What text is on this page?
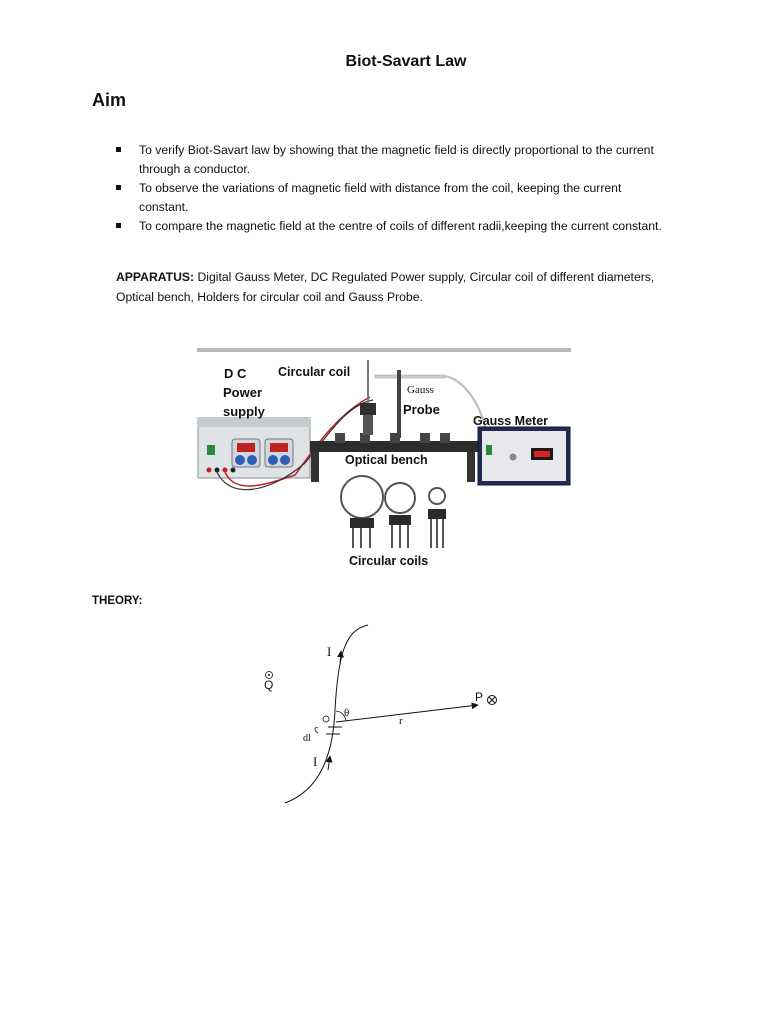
Biot-Savart Law
Aim
To verify Biot-Savart law by showing that the magnetic field is directly proportional to the current through a conductor.
To observe the variations of magnetic field with distance from the coil, keeping the current constant.
To compare the magnetic field at the centre of coils of different radii,keeping the current constant.
APPARATUS: Digital Gauss Meter, DC Regulated Power supply, Circular coil of different diameters, Optical bench, Holders for circular coil and Gauss Probe.
D C
Power
supply
Circular coil
Gauss
Probe
Gauss Meter
Optical bench
Circular coils
THEORY:
I
I
Q
P
r
θ
dl
